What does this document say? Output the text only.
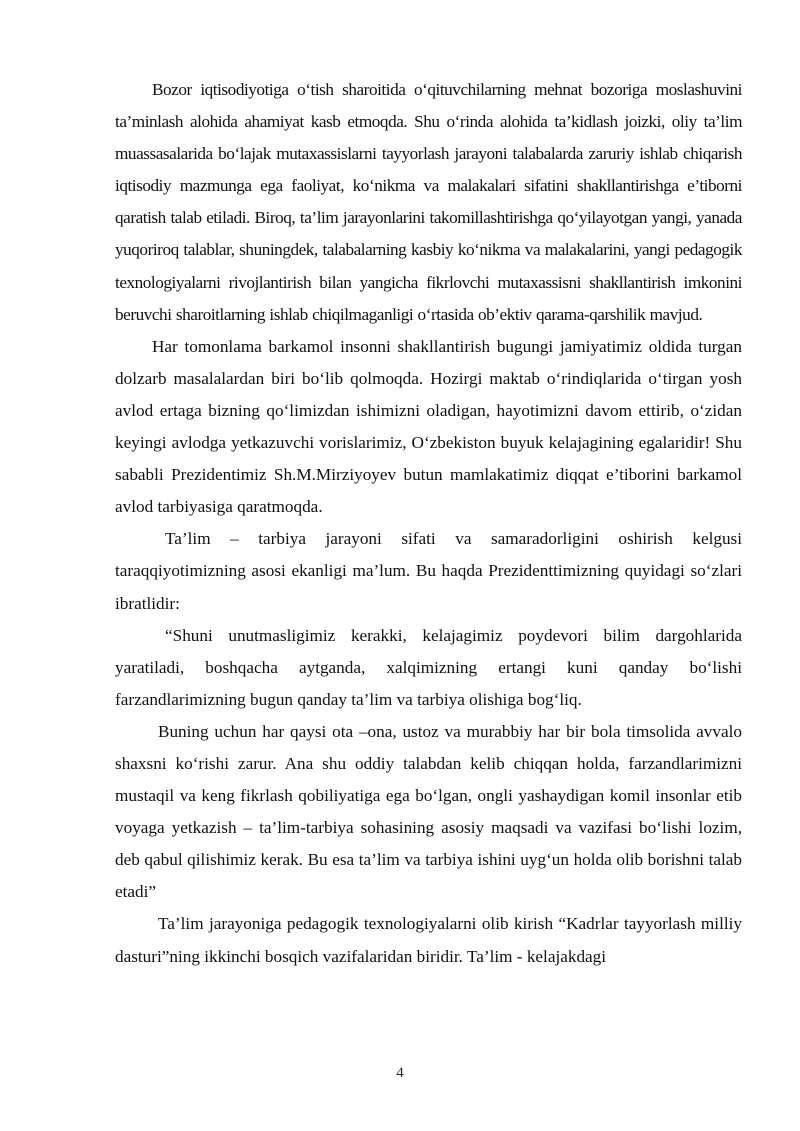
Bozor iqtisodiyotiga o‘tish sharoitida o‘qituvchilarning mehnat bozoriga moslashuvini ta’minlash alohida ahamiyat kasb etmoqda. Shu o‘rinda alohida ta’kidlash joizki, oliy ta’lim muassasalarida bo‘lajak mutaxassislarni tayyorlash jarayoni talabalarda zaruriy ishlab chiqarish iqtisodiy mazmunga ega faoliyat, ko‘nikma va malakalari sifatini shakllantirishga e’tiborni qaratish talab etiladi. Biroq, ta’lim jarayonlarini takomillashtirishga qo‘yilayotgan yangi, yanada yuqoriroq talablar, shuningdek, talabalarning kasbiy ko‘nikma va malakalarini, yangi pedagogik texnologiyalarni rivojlantirish bilan yangicha fikrlovchi mutaxassisni shakllantirish imkonini beruvchi sharoitlarning ishlab chiqilmaganligi o‘rtasida ob’ektiv qarama-qarshilik mavjud.

Har tomonlama barkamol insonni shakllantirish bugungi jamiyatimiz oldida turgan dolzarb masalalardan biri bo‘lib qolmoqda. Hozirgi maktab o‘rindiqlarida o‘tirgan yosh avlod ertaga bizning qo‘limizdan ishimizni oladigan, hayotimizni davom ettirib, o‘zidan keyingi avlodga yetkazuvchi vorislarimiz, O‘zbekiston buyuk kelajagining egalaridir! Shu sababli Prezidentimiz Sh.M.Mirziyoyev butun mamlakatimiz diqqat e’tiborini barkamol avlod tarbiyasiga qaratmoqda.

Ta’lim – tarbiya jarayoni sifati va samaradorligini oshirish kelgusi taraqqiyotimizning asosi ekanligi ma’lum. Bu haqda Prezidenttimizning quyidagi so‘zlari ibratlidir:

“Shuni unutmasligimiz kerakki, kelajagimiz poydevori bilim dargohlarida yaratiladi, boshqacha aytganda, xalqimizning ertangi kuni qanday bo‘lishi farzandlarimizning bugun qanday ta’lim va tarbiya olishiga bog‘liq.

Buning uchun har qaysi ota –ona, ustoz va murabbiy har bir bola timsolida avvalo shaxsni ko‘rishi zarur. Ana shu oddiy talabdan kelib chiqqan holda, farzandlarimizni mustaqil va keng fikrlash qobiliyatiga ega bo‘lgan, ongli yashaydigan komil insonlar etib voyaga yetkazish – ta’lim-tarbiya sohasining asosiy maqsadi va vazifasi bo‘lishi lozim, deb qabul qilishimiz kerak. Bu esa ta’lim va tarbiya ishini uyg‘un holda olib borishni talab etadi”

Ta’lim jarayoniga pedagogik texnologiyalarni olib kirish “Kadrlar tayyorlash milliy dasturi”ning ikkinchi bosqich vazifalaridan biridir. Ta’lim - kelajakdagi

4
